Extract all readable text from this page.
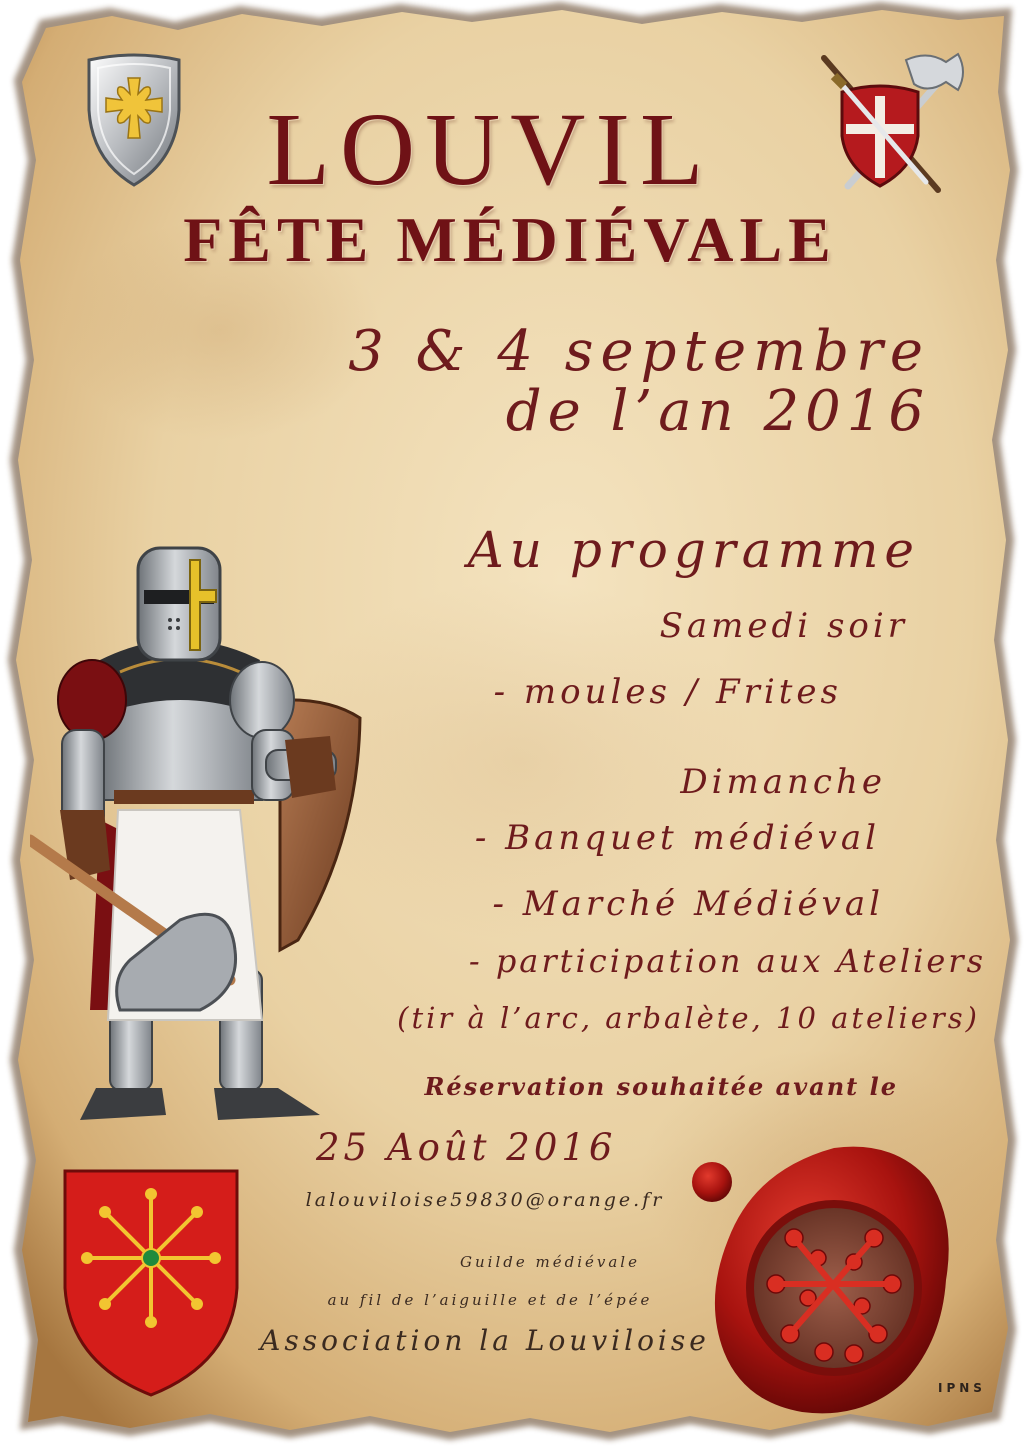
LOUVIL
FÊTE MÉDIÉVALE
3 & 4 septembre
de l’an 2016
Au programme
Samedi soir
- moules / Frites
Dimanche
- Banquet médiéval
- Marché Médiéval
- participation aux Ateliers
(tir à l’arc, arbalète, 10 ateliers)
Réservation souhaitée avant le
25 Août 2016
lalouviloise59830@orange.fr
Guilde médiévale
au fil de l’aiguille et de l’épée
Association la Louviloise
IPNS
